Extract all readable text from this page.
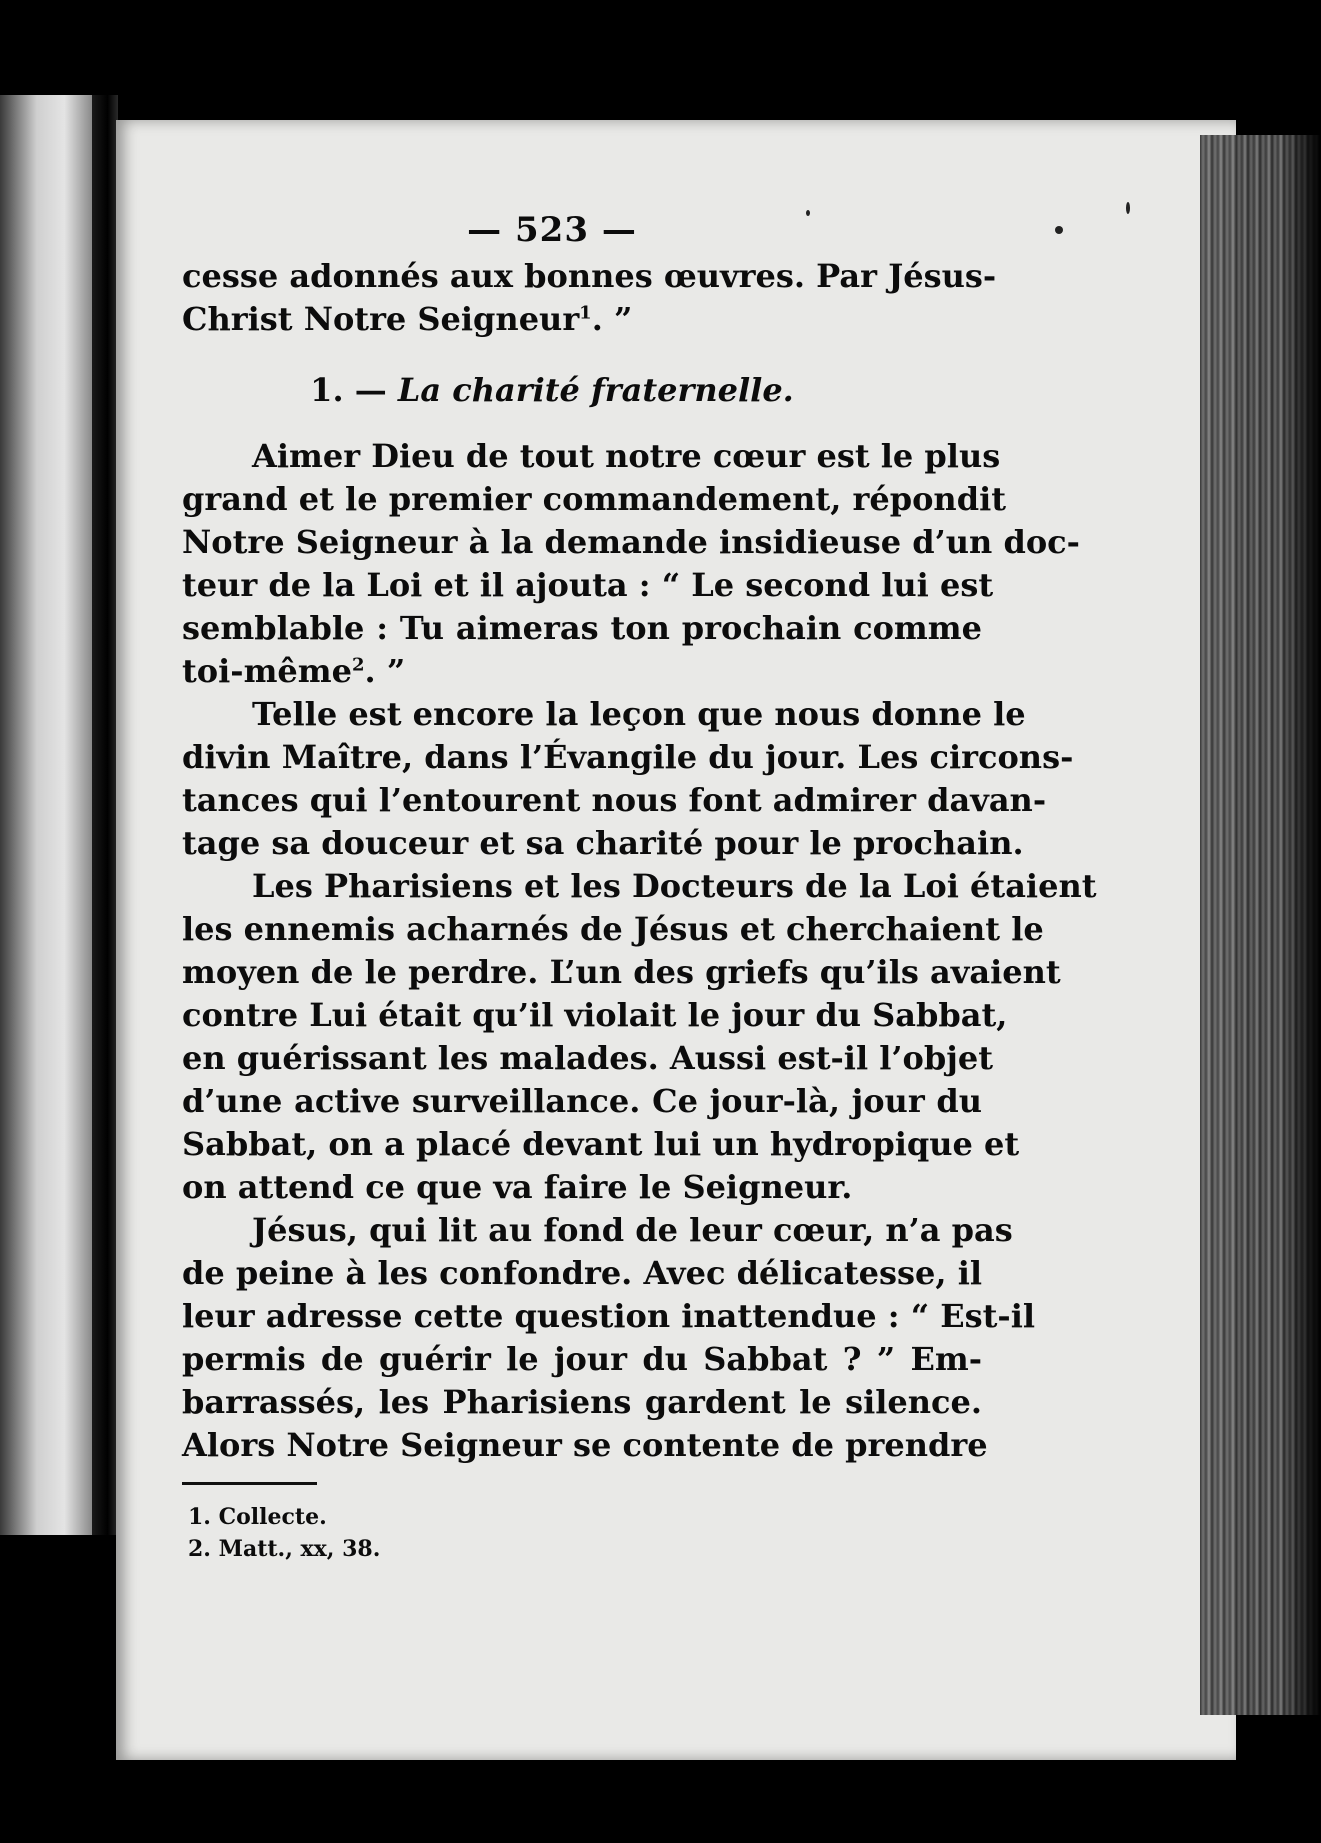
— 523 —
cesse adonnés aux bonnes œuvres. Par Jésus-
Christ Notre Seigneur$^1$. ”
1. — La charité fraternelle.
Aimer Dieu de tout notre cœur est le plus
grand et le premier commandement, répondit
Notre Seigneur à la demande insidieuse d’un doc-
teur de la Loi et il ajouta : “ Le second lui est
semblable : Tu aimeras ton prochain comme
toi-même$^2$. ”
Telle est encore la leçon que nous donne le
divin Maître, dans l’Évangile du jour. Les circons-
tances qui l’entourent nous font admirer davan-
tage sa douceur et sa charité pour le prochain.
Les Pharisiens et les Docteurs de la Loi étaient
les ennemis acharnés de Jésus et cherchaient le
moyen de le perdre. L’un des griefs qu’ils avaient
contre Lui était qu’il violait le jour du Sabbat,
en guérissant les malades. Aussi est-il l’objet
d’une active surveillance. Ce jour-là, jour du
Sabbat, on a placé devant lui un hydropique et
on attend ce que va faire le Seigneur.
Jésus, qui lit au fond de leur cœur, n’a pas
de peine à les confondre. Avec délicatesse, il
leur adresse cette question inattendue : “ Est-il
permis de guérir le jour du Sabbat ? ” Em-
barrassés, les Pharisiens gardent le silence.
Alors Notre Seigneur se contente de prendre
1. Collecte.
2. Matt., xx, 38.
